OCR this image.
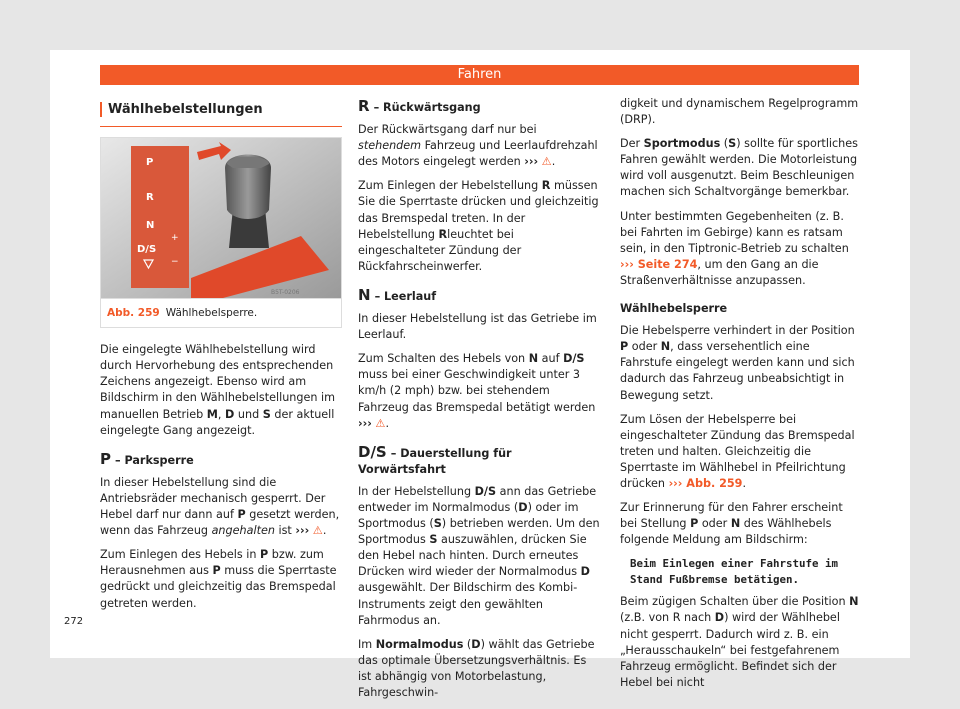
Fahren
Wählhebelstellungen
P
R
N
D/S
+
−
B5T-0206
Abb. 259 Wählhebelsperre.

Die eingelegte Wählhebelstellung wird durch Hervorhebung des entsprechenden Zeichens angezeigt. Ebenso wird am Bildschirm in den Wählhebelstellungen im manuellen Betrieb M, D und S der aktuell eingelegte Gang angezeigt.

P – Parksperre

In dieser Hebelstellung sind die Antriebsräder mechanisch gesperrt. Der Hebel darf nur dann auf P gesetzt werden, wenn das Fahrzeug angehalten ist ››› ⚠.

Zum Einlegen des Hebels in P bzw. zum Herausnehmen aus P muss die Sperrtaste gedrückt und gleichzeitig das Bremspedal getreten werden.

R – Rückwärtsgang

Der Rückwärtsgang darf nur bei stehendem Fahrzeug und Leerlaufdrehzahl des Motors eingelegt werden ››› ⚠.

Zum Einlegen der Hebelstellung R müssen Sie die Sperrtaste drücken und gleichzeitig das Bremspedal treten. In der Hebelstellung Rleuchtet bei eingeschalteter Zündung der Rückfahrscheinwerfer.

N – Leerlauf

In dieser Hebelstellung ist das Getriebe im Leerlauf.

Zum Schalten des Hebels von N auf D/S muss bei einer Geschwindigkeit unter 3 km/h (2 mph) bzw. bei stehendem Fahrzeug das Bremspedal betätigt werden ››› ⚠.

D/S – Dauerstellung für Vorwärtsfahrt

In der Hebelstellung D/S ann das Getriebe entweder im Normalmodus (D) oder im Sportmodus (S) betrieben werden. Um den Sportmodus S auszuwählen, drücken Sie den Hebel nach hinten. Durch erneutes Drücken wird wieder der Normalmodus D ausgewählt. Der Bildschirm des Kombi-Instruments zeigt den gewählten Fahrmodus an.

Im Normalmodus (D) wählt das Getriebe das optimale Übersetzungsverhältnis. Es ist abhängig von Motorbelastung, Fahrgeschwin-

digkeit und dynamischem Regelprogramm (DRP).

Der Sportmodus (S) sollte für sportliches Fahren gewählt werden. Die Motorleistung wird voll ausgenutzt. Beim Beschleunigen machen sich Schaltvorgänge bemerkbar.

Unter bestimmten Gegebenheiten (z. B. bei Fahrten im Gebirge) kann es ratsam sein, in den Tiptronic-Betrieb zu schalten ››› Seite 274, um den Gang an die Straßenverhältnisse anzupassen.

Wählhebelsperre

Die Hebelsperre verhindert in der Position P oder N, dass versehentlich eine Fahrstufe eingelegt werden kann und sich dadurch das Fahrzeug unbeabsichtigt in Bewegung setzt.

Zum Lösen der Hebelsperre bei eingeschalteter Zündung das Bremspedal treten und halten. Gleichzeitig die Sperrtaste im Wählhebel in Pfeilrichtung drücken ››› Abb. 259.

Zur Erinnerung für den Fahrer erscheint bei Stellung P oder N des Wählhebels folgende Meldung am Bildschirm:

Beim Einlegen einer Fahrstufe im
Stand Fußbremse betätigen.

Beim zügigen Schalten über die Position N (z.B. von R nach D) wird der Wählhebel nicht gesperrt. Dadurch wird z. B. ein „Herausschaukeln“ bei festgefahrenem Fahrzeug ermöglicht. Befindet sich der Hebel bei nicht

272
